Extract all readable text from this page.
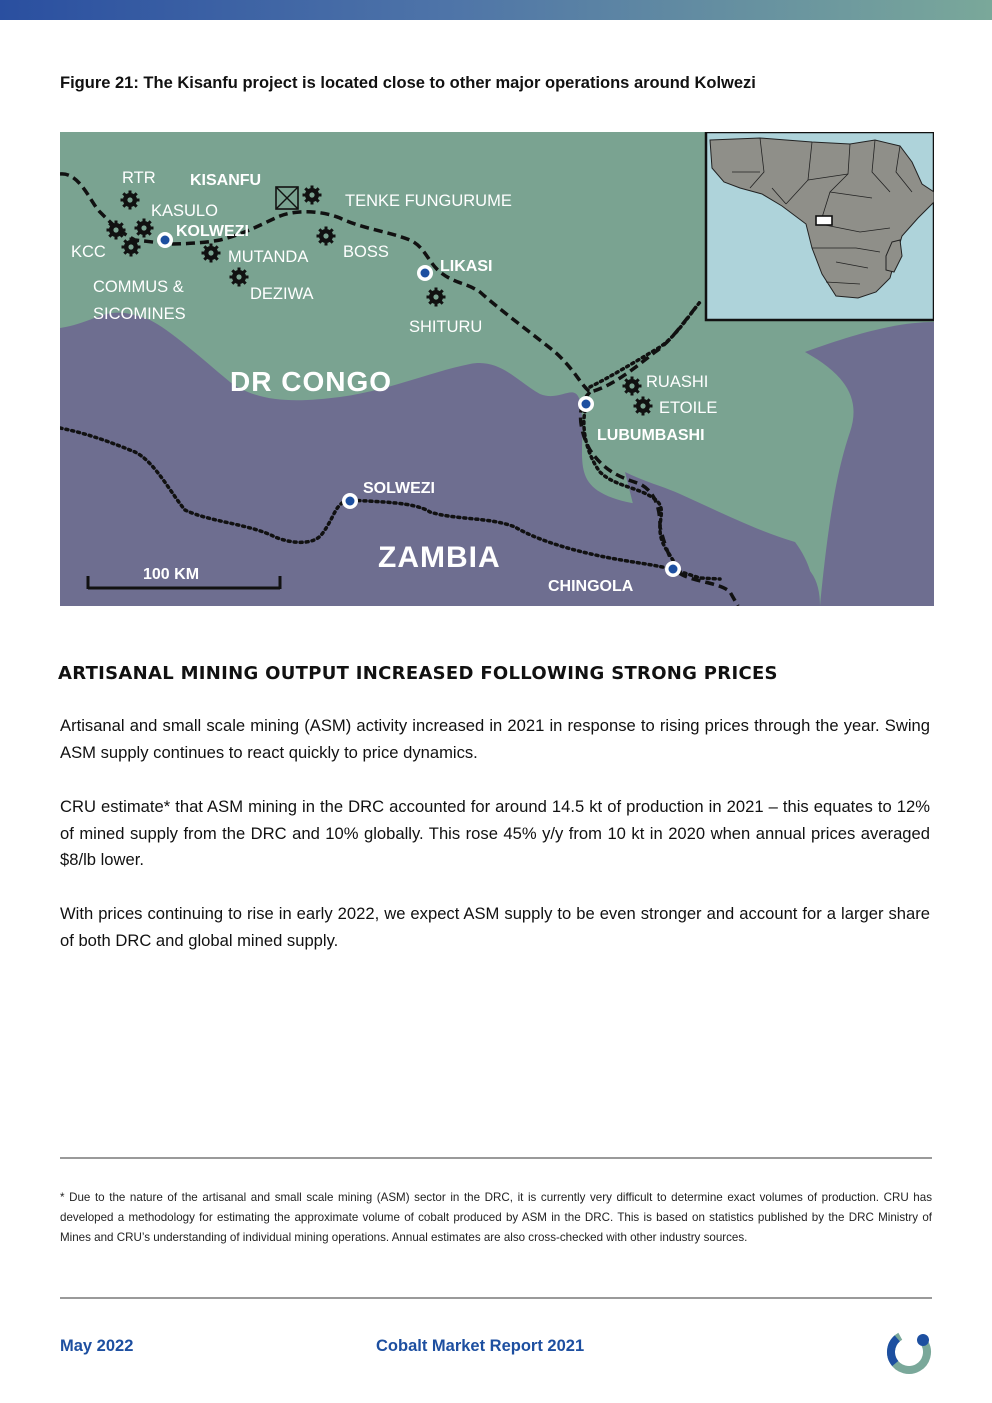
Figure 21: The Kisanfu project is located close to other major operations around Kolwezi
DR CONGO
ZAMBIA
KOLWEZI
LIKASI
LUBUMBASHI
SOLWEZI
CHINGOLA
KISANFU
RTR
KASULO
KCC
COMMUS &
SICOMINES
MUTANDA
DEZIWA
TENKE FUNGURUME
BOSS
SHITURU
RUASHI
ETOILE
100 KM
ARTISANAL MINING OUTPUT INCREASED FOLLOWING STRONG PRICES

Artisanal and small scale mining (ASM) activity increased in 2021 in response to rising prices through the year. Swing ASM supply continues to react quickly to price dynamics.

CRU estimate* that ASM mining in the DRC accounted for around 14.5 kt of production in 2021 – this equates to 12% of mined supply from the DRC and 10% globally. This rose 45% y/y from 10 kt in 2020 when annual prices averaged $8/lb lower.

With prices continuing to rise in early 2022, we expect ASM supply to be even stronger and account for a larger share of both DRC and global mined supply.

* Due to the nature of the artisanal and small scale mining (ASM) sector in the DRC, it is currently very difficult to determine exact volumes of production. CRU has developed a methodology for estimating the approximate volume of cobalt produced by ASM in the DRC. This is based on statistics published by the DRC Ministry of Mines and CRU’s understanding of individual mining operations. Annual estimates are also cross-checked with other industry sources.
May 2022	Cobalt Market Report 2021
